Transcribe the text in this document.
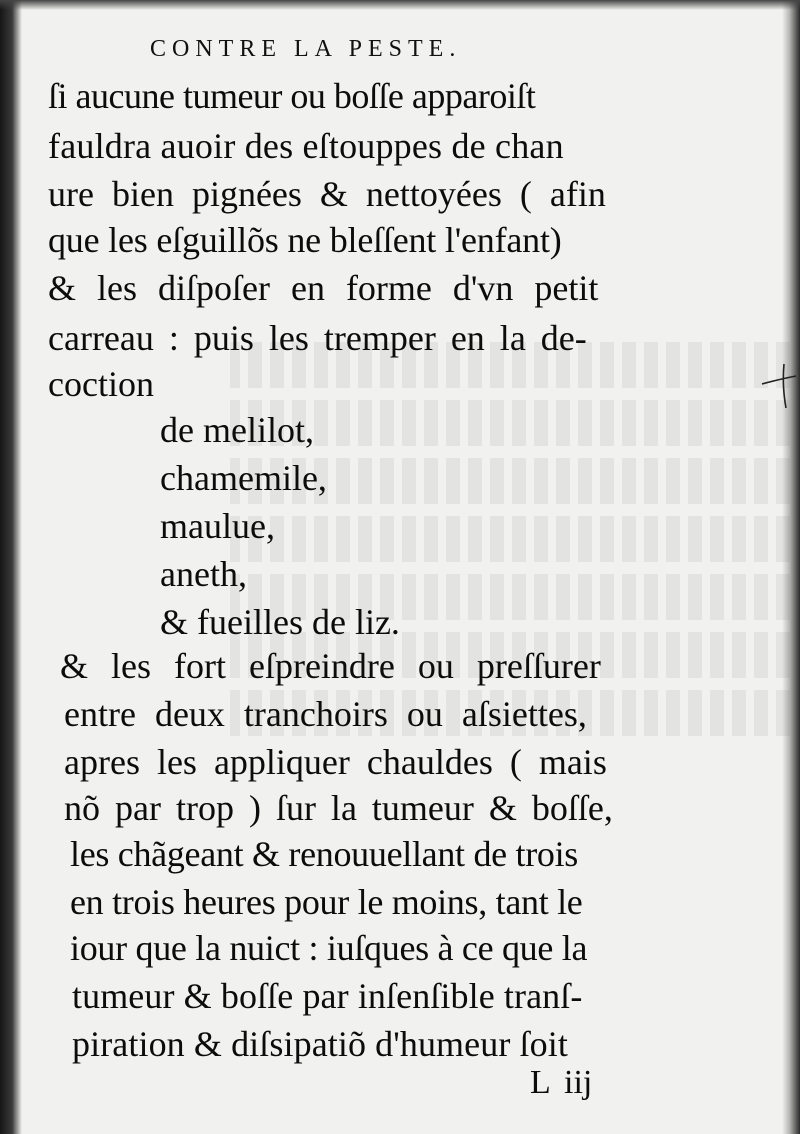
CONTRE LA PESTE.
ſi aucune tumeur ou boſſe apparoiſt
fauldra auoir des eſtouppes de chan
ure bien pignées & nettoyées ( afin
que les eſguillõs ne bleſſent l'enfant)
& les diſpoſer en forme d'vn petit
carreau : puis les tremper en la de-
coction
de melilot,
chamemile,
maulue,
aneth,
& fueilles de liz.
& les fort eſpreindre ou preſſurer
entre deux tranchoirs ou aſsiettes,
apres les appliquer chauldes ( mais
nõ par trop ) ſur la tumeur & boſſe,
les chãgeant & renouuellant de trois
en trois heures pour le moins, tant le
iour que la nuict : iuſques à ce que la
tumeur & boſſe par inſenſible tranſ-
piration & diſsipatiõ d'humeur ſoit
L iij
